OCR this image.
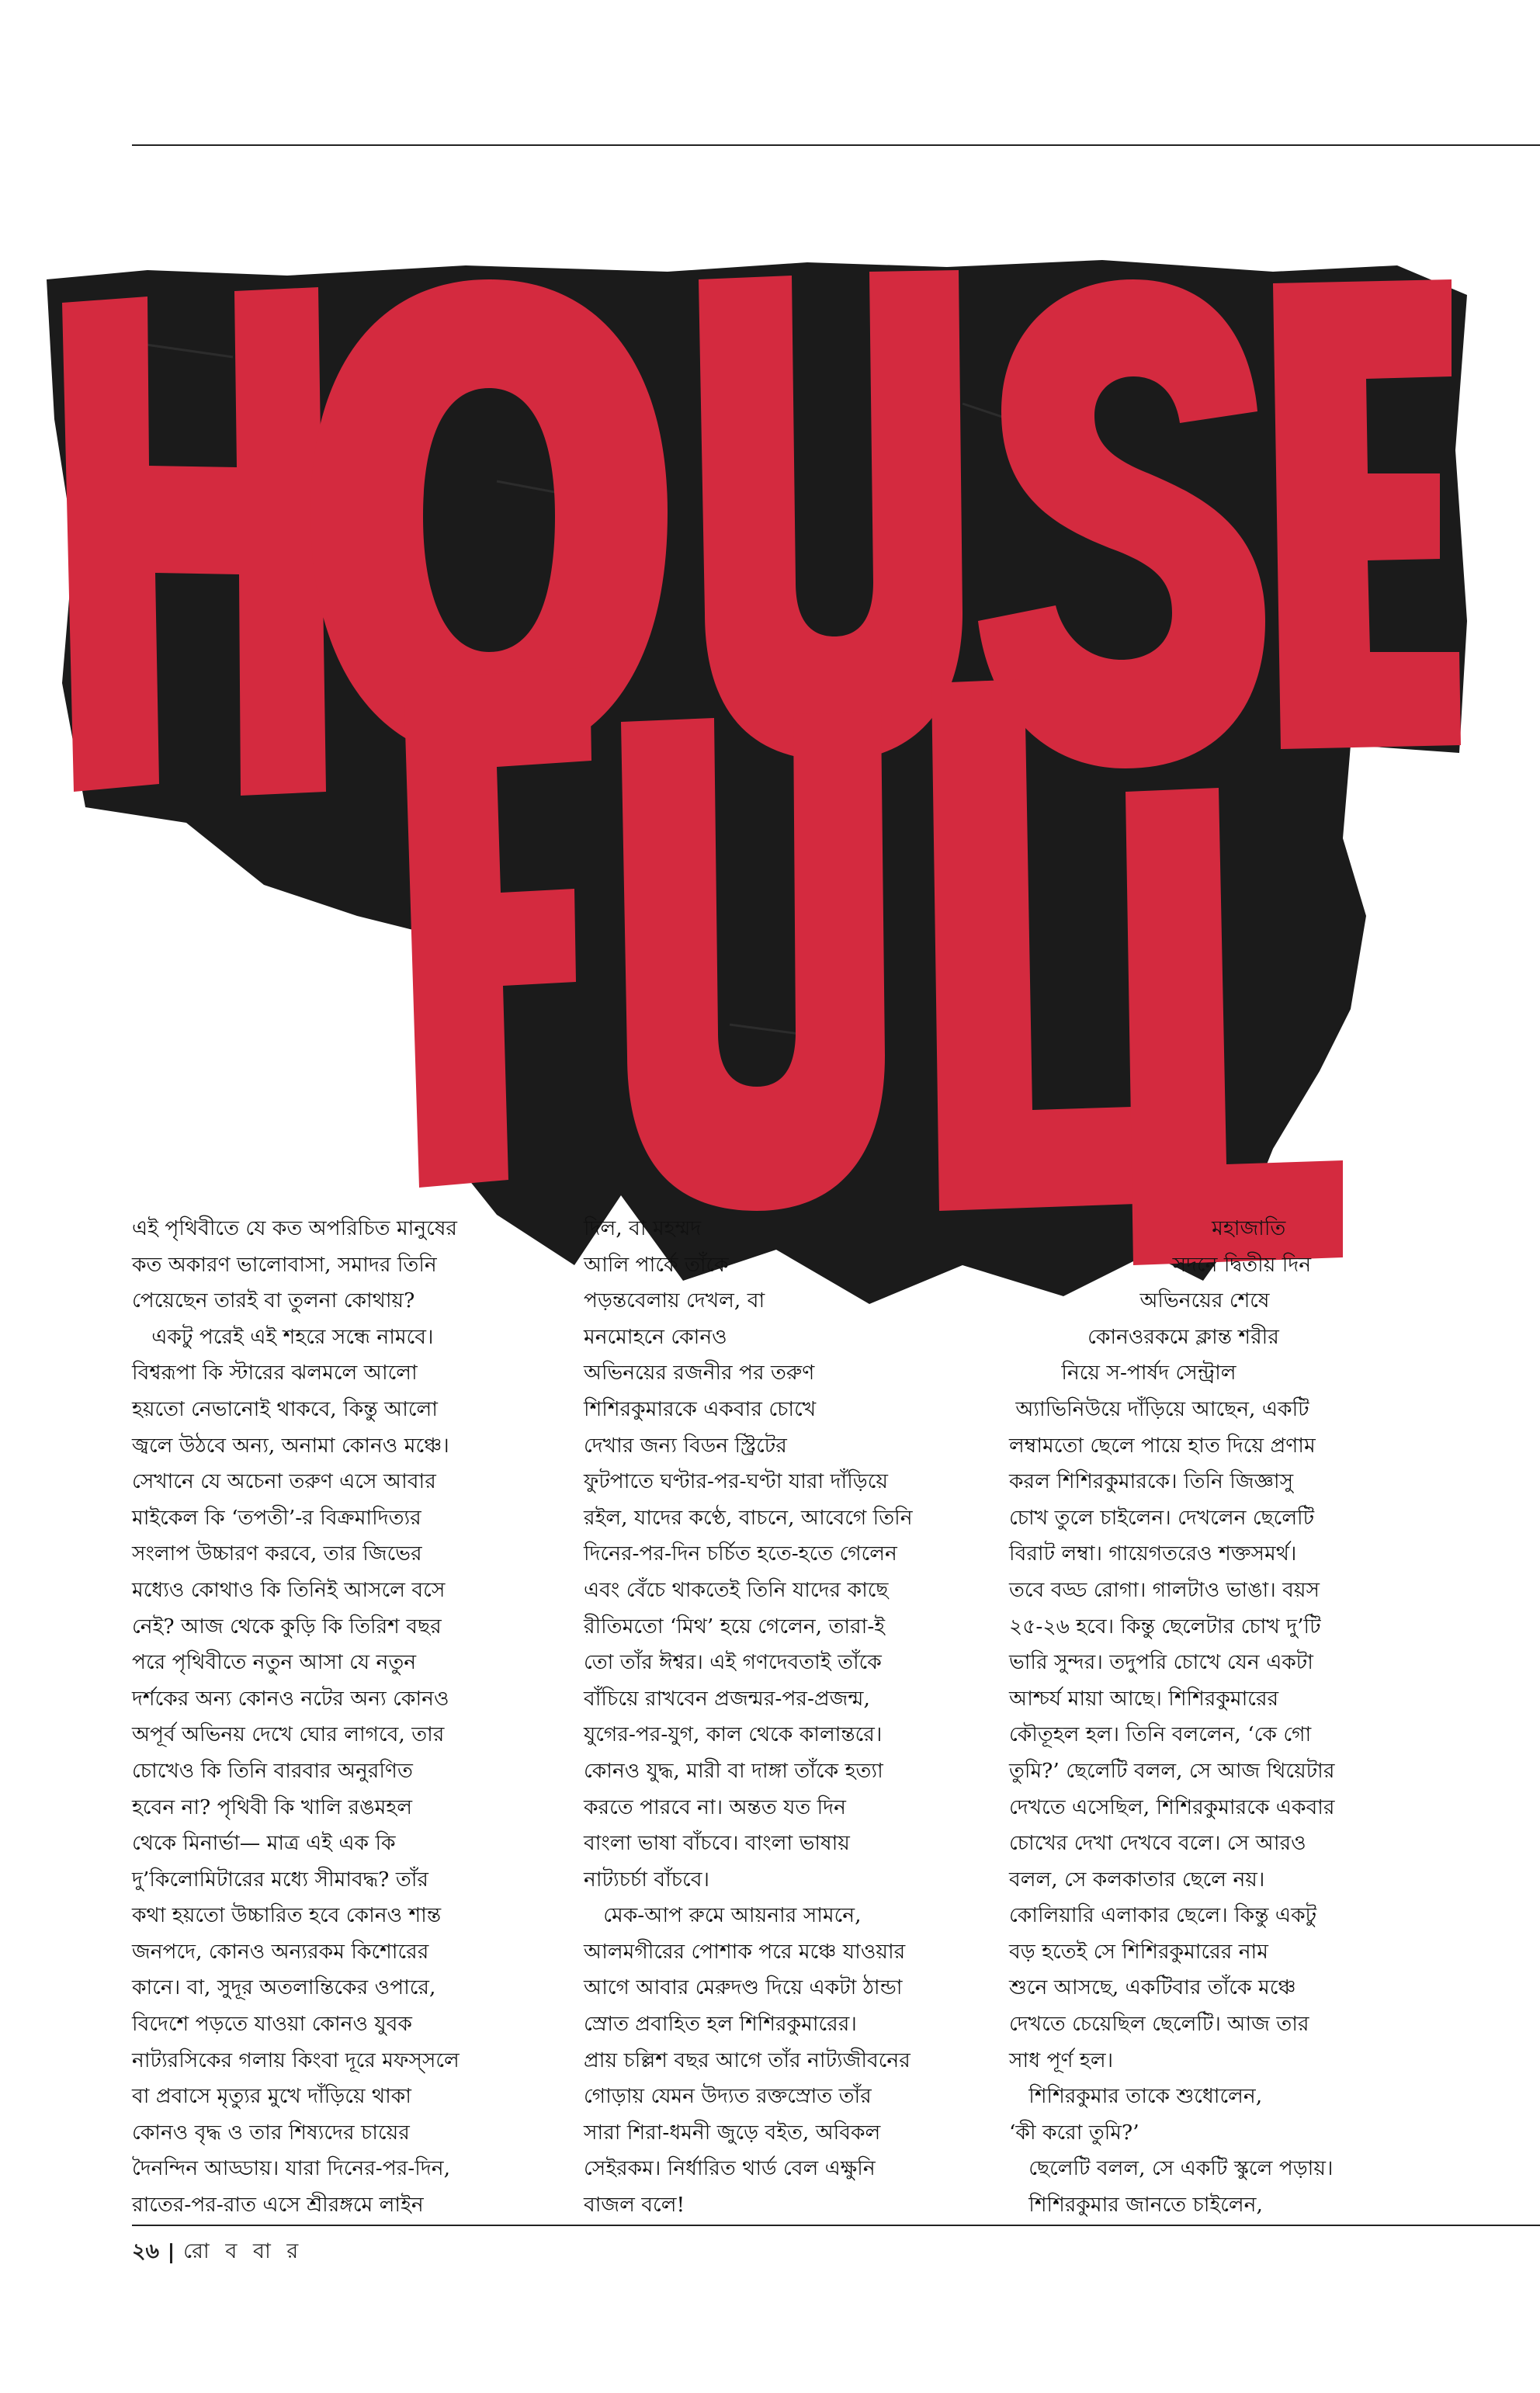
এই পৃথিবীতে যে কত অপরিচিত মানুষের

কত অকারণ ভালোবাসা, সমাদর তিনি

পেয়েছেন তারই বা তুলনা কোথায়?

একটু পরেই এই শহরে সন্ধে নামবে।

বিশ্বরূপা কি স্টারের ঝলমলে আলো

হয়তো নেভানোই থাকবে, কিন্তু আলো

জ্বলে উঠবে অন্য, অনামা কোনও মঞ্চে।

সেখানে যে অচেনা তরুণ এসে আবার

মাইকেল কি ‘তপতী’-র বিক্রমাদিত্যর

সংলাপ উচ্চারণ করবে, তার জিভের

মধ্যেও কোথাও কি তিনিই আসলে বসে

নেই? আজ থেকে কুড়ি কি তিরিশ বছর

পরে পৃথিবীতে নতুন আসা যে নতুন

দর্শকের অন্য কোনও নটের অন্য কোনও

অপূর্ব অভিনয় দেখে ঘোর লাগবে, তার

চোখেও কি তিনি বারবার অনুরণিত

হবেন না? পৃথিবী কি খালি রঙমহল

থেকে মিনার্ভা— মাত্র এই এক কি

দু’কিলোমিটারের মধ্যে সীমাবদ্ধ? তাঁর

কথা হয়তো উচ্চারিত হবে কোনও শান্ত

জনপদে, কোনও অন্যরকম কিশোরের

কানে। বা, সুদূর অতলান্তিকের ওপারে,

বিদেশে পড়তে যাওয়া কোনও যুবক

নাট্যরসিকের গলায় কিংবা দূরে মফস্সলে

বা প্রবাসে মৃত্যুর মুখে দাঁড়িয়ে থাকা

কোনও বৃদ্ধ ও তার শিষ্যদের চায়ের

দৈনন্দিন আড্ডায়। যারা দিনের-পর-দিন,

রাতের-পর-রাত এসে শ্রীরঙ্গমে লাইন

দিল, বা মহম্মদ

আলি পার্কে তাঁকে

পড়ন্তবেলায় দেখল, বা

মনমোহনে কোনও

অভিনয়ের রজনীর পর তরুণ

শিশিরকুমারকে একবার চোখে

দেখার জন্য বিডন স্ট্রিটের

ফুটপাতে ঘণ্টার-পর-ঘণ্টা যারা দাঁড়িয়ে

রইল, যাদের কণ্ঠে, বাচনে, আবেগে তিনি

দিনের-পর-দিন চর্চিত হতে-হতে গেলেন

এবং বেঁচে থাকতেই তিনি যাদের কাছে

রীতিমতো ‘মিথ’ হয়ে গেলেন, তারা-ই

তো তাঁর ঈশ্বর। এই গণদেবতাই তাঁকে

বাঁচিয়ে রাখবেন প্রজন্মর-পর-প্রজন্ম,

যুগের-পর-যুগ, কাল থেকে কালান্তরে।

কোনও যুদ্ধ, মারী বা দাঙ্গা তাঁকে হত্যা

করতে পারবে না। অন্তত যত দিন

বাংলা ভাষা বাঁচবে। বাংলা ভাষায়

নাট্যচর্চা বাঁচবে।

মেক-আপ রুমে আয়নার সামনে,

আলমগীরের পোশাক পরে মঞ্চে যাওয়ার

আগে আবার মেরুদণ্ড দিয়ে একটা ঠান্ডা

স্রোত প্রবাহিত হল শিশিরকুমারের।

প্রায় চল্লিশ বছর আগে তাঁর নাট্যজীবনের

গোড়ায় যেমন উদ্যত রক্তস্রোত তাঁর

সারা শিরা-ধমনী জুড়ে বইত, অবিকল

সেইরকম। নির্ধারিত থার্ড বেল এক্ষুনি

বাজল বলে!

মহাজাতি

সদনে দ্বিতীয় দিন

অভিনয়ের শেষে

কোনওরকমে ক্লান্ত শরীর

নিয়ে স-পার্ষদ সেন্ট্রাল

অ্যাভিনিউয়ে দাঁড়িয়ে আছেন, একটি

লম্বামতো ছেলে পায়ে হাত দিয়ে প্রণাম

করল শিশিরকুমারকে। তিনি জিজ্ঞাসু

চোখ তুলে চাইলেন। দেখলেন ছেলেটি

বিরাট লম্বা। গায়েগতরেও শক্তসমর্থ।

তবে বড্ড রোগা। গালটাও ভাঙা। বয়স

২৫-২৬ হবে। কিন্তু ছেলেটার চোখ দু’টি

ভারি সুন্দর। তদুপরি চোখে যেন একটা

আশ্চর্য মায়া আছে। শিশিরকুমারের

কৌতূহল হল। তিনি বললেন, ‘কে গো

তুমি?’ ছেলেটি বলল, সে আজ থিয়েটার

দেখতে এসেছিল, শিশিরকুমারকে একবার

চোখের দেখা দেখবে বলে। সে আরও

বলল, সে কলকাতার ছেলে নয়।

কোলিয়ারি এলাকার ছেলে। কিন্তু একটু

বড় হতেই সে শিশিরকুমারের নাম

শুনে আসছে, একটিবার তাঁকে মঞ্চে

দেখতে চেয়েছিল ছেলেটি। আজ তার

সাধ পূর্ণ হল।

শিশিরকুমার তাকে শুধোলেন,

‘কী করো তুমি?’

ছেলেটি বলল, সে একটি স্কুলে পড়ায়।

শিশিরকুমার জানতে চাইলেন,

২৬ রো ব বা র
